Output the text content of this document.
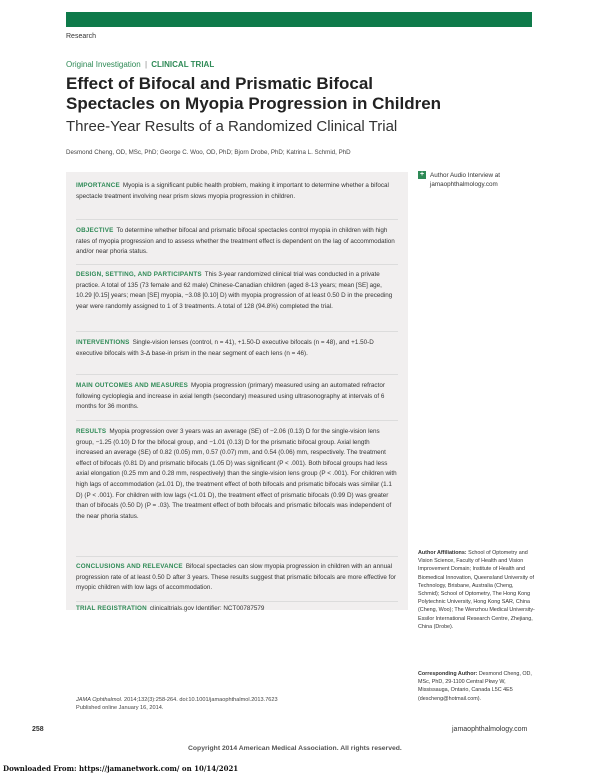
Research
Original Investigation | CLINICAL TRIAL
Effect of Bifocal and Prismatic Bifocal Spectacles on Myopia Progression in Children
Three-Year Results of a Randomized Clinical Trial
Desmond Cheng, OD, MSc, PhD; George C. Woo, OD, PhD; Bjorn Drobe, PhD; Katrina L. Schmid, PhD
IMPORTANCE Myopia is a significant public health problem, making it important to determine whether a bifocal spectacle treatment involving near prism slows myopia progression in children.
OBJECTIVE To determine whether bifocal and prismatic bifocal spectacles control myopia in children with high rates of myopia progression and to assess whether the treatment effect is dependent on the lag of accommodation and/or near phoria status.
DESIGN, SETTING, AND PARTICIPANTS This 3-year randomized clinical trial was conducted in a private practice. A total of 135 (73 female and 62 male) Chinese-Canadian children (aged 8-13 years; mean [SE] age, 10.29 [0.15] years; mean [SE] myopia, −3.08 [0.10] D) with myopia progression of at least 0.50 D in the preceding year were randomly assigned to 1 of 3 treatments. A total of 128 (94.8%) completed the trial.
INTERVENTIONS Single-vision lenses (control, n = 41), +1.50-D executive bifocals (n = 48), and +1.50-D executive bifocals with 3-Δ base-in prism in the near segment of each lens (n = 46).
MAIN OUTCOMES AND MEASURES Myopia progression (primary) measured using an automated refractor following cycloplegia and increase in axial length (secondary) measured using ultrasonography at intervals of 6 months for 36 months.
RESULTS Myopia progression over 3 years was an average (SE) of −2.06 (0.13) D for the single-vision lens group, −1.25 (0.10) D for the bifocal group, and −1.01 (0.13) D for the prismatic bifocal group. Axial length increased an average (SE) of 0.82 (0.05) mm, 0.57 (0.07) mm, and 0.54 (0.06) mm, respectively. The treatment effect of bifocals (0.81 D) and prismatic bifocals (1.05 D) was significant (P < .001). Both bifocal groups had less axial elongation (0.25 mm and 0.28 mm, respectively) than the single-vision lens group (P < .001). For children with high lags of accommodation (≥1.01 D), the treatment effect of both bifocals and prismatic bifocals was similar (1.1 D) (P < .001). For children with low lags (<1.01 D), the treatment effect of prismatic bifocals (0.99 D) was greater than of bifocals (0.50 D) (P = .03). The treatment effect of both bifocals and prismatic bifocals was independent of the near phoria status.
CONCLUSIONS AND RELEVANCE Bifocal spectacles can slow myopia progression in children with an annual progression rate of at least 0.50 D after 3 years. These results suggest that prismatic bifocals are more effective for myopic children with low lags of accommodation.
TRIAL REGISTRATION clinicaltrials.gov Identifier: NCT00787579
+ Author Audio Interview at jamaophthalmology.com
Author Affiliations: School of Optometry and Vision Science, Faculty of Health and Vision Improvement Domain; Institute of Health and Biomedical Innovation, Queensland University of Technology, Brisbane, Australia (Cheng, Schmid); School of Optometry, The Hong Kong Polytechnic University, Hong Kong SAR, China (Cheng, Woo); The Wenzhou Medical University-Essilor International Research Centre, Zhejiang, China (Drobe).
Corresponding Author: Desmond Cheng, OD, MSc, PhD, 29-1100 Central Pkwy W, Mississauga, Ontario, Canada L5C 4E5 (descheng@hotmail.com).
JAMA Ophthalmol. 2014;132(3):258-264. doi:10.1001/jamaophthalmol.2013.7623
Published online January 16, 2014.
258	jamaophthalmology.com
Copyright 2014 American Medical Association. All rights reserved.
Downloaded From: https://jamanetwork.com/ on 10/14/2021
